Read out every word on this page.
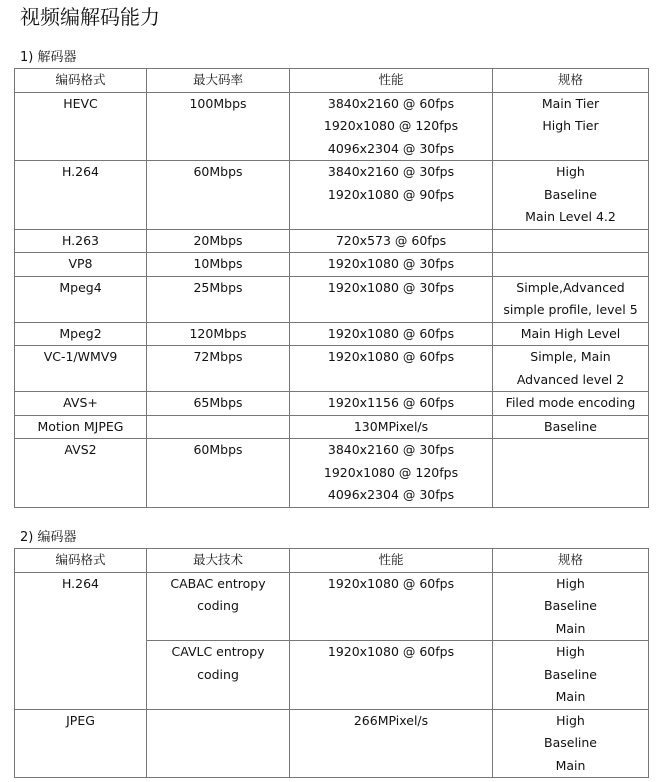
视频编解码能力
1) 解码器
编码格式	最大码率	性能	规格

HEVC	100Mbps	3840x2160 @ 60fps
1920x1080 @ 120fps
4096x2304 @ 30fps	Main Tier
High Tier

H.264	60Mbps	3840x2160 @ 30fps
1920x1080 @ 90fps	High
Baseline
Main Level 4.2

H.263	20Mbps	720x573 @ 60fps	

VP8	10Mbps	1920x1080 @ 30fps	

Mpeg4	25Mbps	1920x1080 @ 30fps	Simple,Advanced
simple profile, level 5

Mpeg2	120Mbps	1920x1080 @ 60fps	Main High Level

VC-1/WMV9	72Mbps	1920x1080 @ 60fps	Simple, Main
Advanced level 2

AVS+	65Mbps	1920x1156 @ 60fps	Filed mode encoding

Motion MJPEG		130MPixel/s	Baseline

AVS2	60Mbps	3840x2160 @ 30fps
1920x1080 @ 120fps
4096x2304 @ 30fps	

2) 编码器
编码格式	最大技术	性能	规格

H.264	CABAC entropy
coding	1920x1080 @ 60fps	High
Baseline
Main

	CAVLC entropy
coding	1920x1080 @ 60fps	High
Baseline
Main

JPEG		266MPixel/s	High
Baseline
Main
